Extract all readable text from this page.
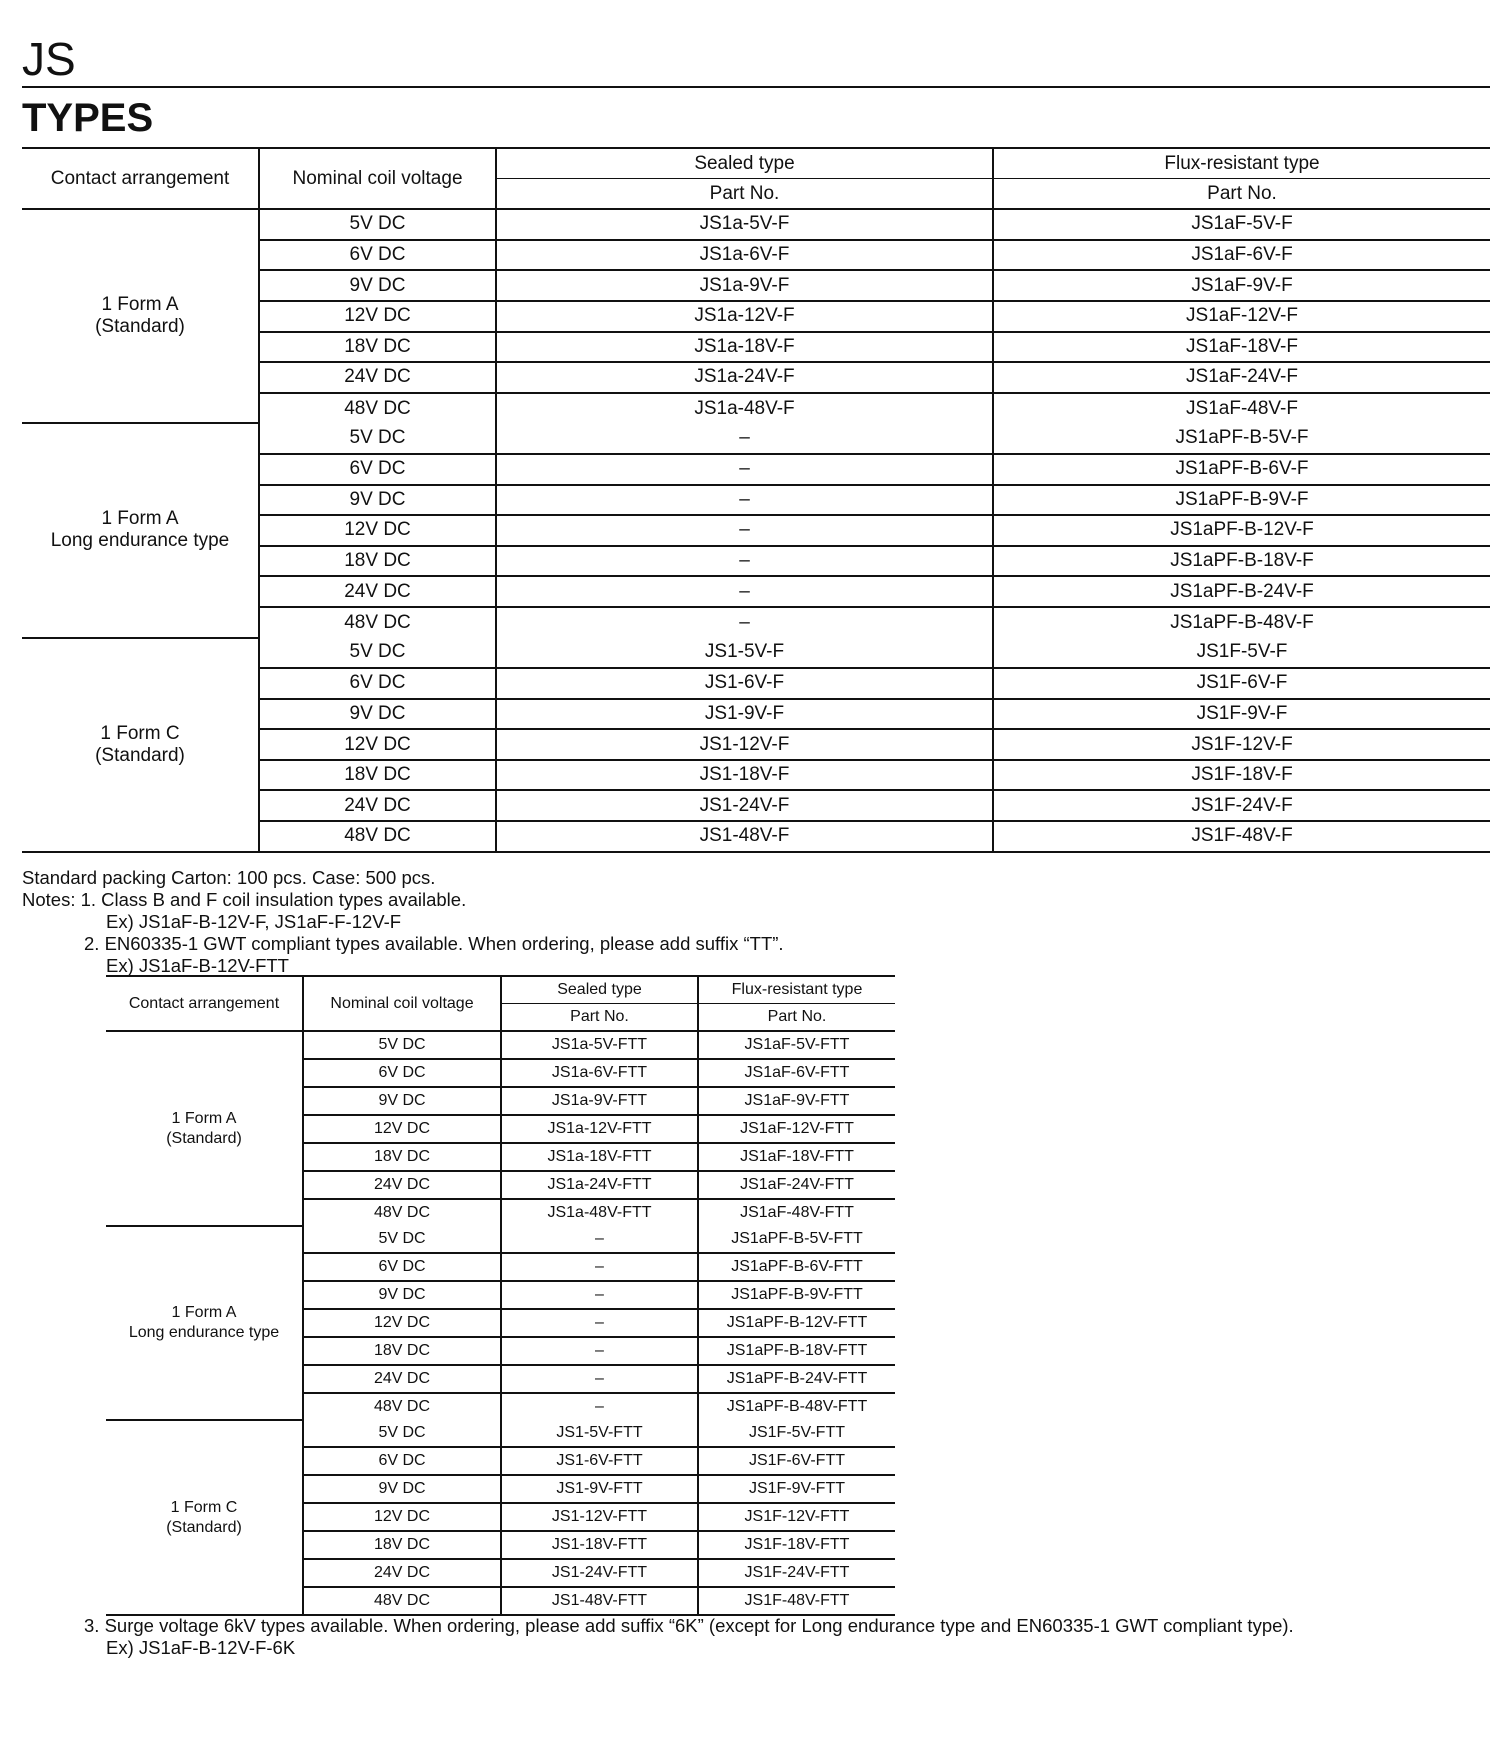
JS
TYPES
Contact arrangement	Nominal coil voltage	Sealed type	Flux-resistant type
		Part No.	Part No.

1 Form A
(Standard)	5V DC	JS1a-5V-F	JS1aF-5V-F
	6V DC	JS1a-6V-F	JS1aF-6V-F
	9V DC	JS1a-9V-F	JS1aF-9V-F
	12V DC	JS1a-12V-F	JS1aF-12V-F
	18V DC	JS1a-18V-F	JS1aF-18V-F
	24V DC	JS1a-24V-F	JS1aF-24V-F
	48V DC	JS1a-48V-F	JS1aF-48V-F

1 Form A
Long endurance type	5V DC	–	JS1aPF-B-5V-F
	6V DC	–	JS1aPF-B-6V-F
	9V DC	–	JS1aPF-B-9V-F
	12V DC	–	JS1aPF-B-12V-F
	18V DC	–	JS1aPF-B-18V-F
	24V DC	–	JS1aPF-B-24V-F
	48V DC	–	JS1aPF-B-48V-F

1 Form C
(Standard)	5V DC	JS1-5V-F	JS1F-5V-F
	6V DC	JS1-6V-F	JS1F-6V-F
	9V DC	JS1-9V-F	JS1F-9V-F
	12V DC	JS1-12V-F	JS1F-12V-F
	18V DC	JS1-18V-F	JS1F-18V-F
	24V DC	JS1-24V-F	JS1F-24V-F
	48V DC	JS1-48V-F	JS1F-48V-F
Standard packing Carton: 100 pcs. Case: 500 pcs.
Notes: 1. Class B and F coil insulation types available.
Ex) JS1aF-B-12V-F, JS1aF-F-12V-F
2. EN60335-1 GWT compliant types available. When ordering, please add suffix “TT”.
Ex) JS1aF-B-12V-FTT
Contact arrangement	Nominal coil voltage	Sealed type	Flux-resistant type
		Part No.	Part No.

1 Form A
(Standard)	5V DC	JS1a-5V-FTT	JS1aF-5V-FTT
	6V DC	JS1a-6V-FTT	JS1aF-6V-FTT
	9V DC	JS1a-9V-FTT	JS1aF-9V-FTT
	12V DC	JS1a-12V-FTT	JS1aF-12V-FTT
	18V DC	JS1a-18V-FTT	JS1aF-18V-FTT
	24V DC	JS1a-24V-FTT	JS1aF-24V-FTT
	48V DC	JS1a-48V-FTT	JS1aF-48V-FTT

1 Form A
Long endurance type	5V DC	–	JS1aPF-B-5V-FTT
	6V DC	–	JS1aPF-B-6V-FTT
	9V DC	–	JS1aPF-B-9V-FTT
	12V DC	–	JS1aPF-B-12V-FTT
	18V DC	–	JS1aPF-B-18V-FTT
	24V DC	–	JS1aPF-B-24V-FTT
	48V DC	–	JS1aPF-B-48V-FTT

1 Form C
(Standard)	5V DC	JS1-5V-FTT	JS1F-5V-FTT
	6V DC	JS1-6V-FTT	JS1F-6V-FTT
	9V DC	JS1-9V-FTT	JS1F-9V-FTT
	12V DC	JS1-12V-FTT	JS1F-12V-FTT
	18V DC	JS1-18V-FTT	JS1F-18V-FTT
	24V DC	JS1-24V-FTT	JS1F-24V-FTT
	48V DC	JS1-48V-FTT	JS1F-48V-FTT
3. Surge voltage 6kV types available. When ordering, please add suffix “6K” (except for Long endurance type and EN60335-1 GWT compliant type).
Ex) JS1aF-B-12V-F-6K
